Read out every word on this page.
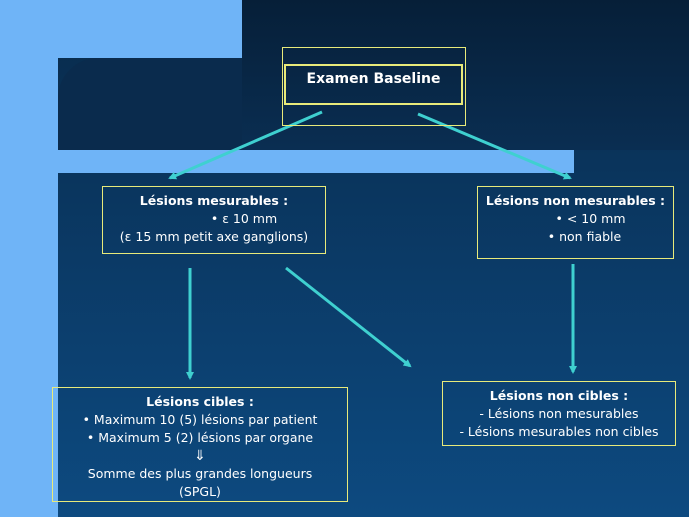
Examen Baseline
Lésions mesurables :
• ε 10 mm
(ε 15 mm petit axe ganglions)
Lésions non mesurables :
• < 10 mm
• non fiable
Lésions cibles :
• Maximum 10 (5) lésions par patient
• Maximum 5 (2) lésions par organe
⇓
Somme des plus grandes longueurs
(SPGL)
Lésions non cibles :
- Lésions non mesurables
- Lésions mesurables non cibles
